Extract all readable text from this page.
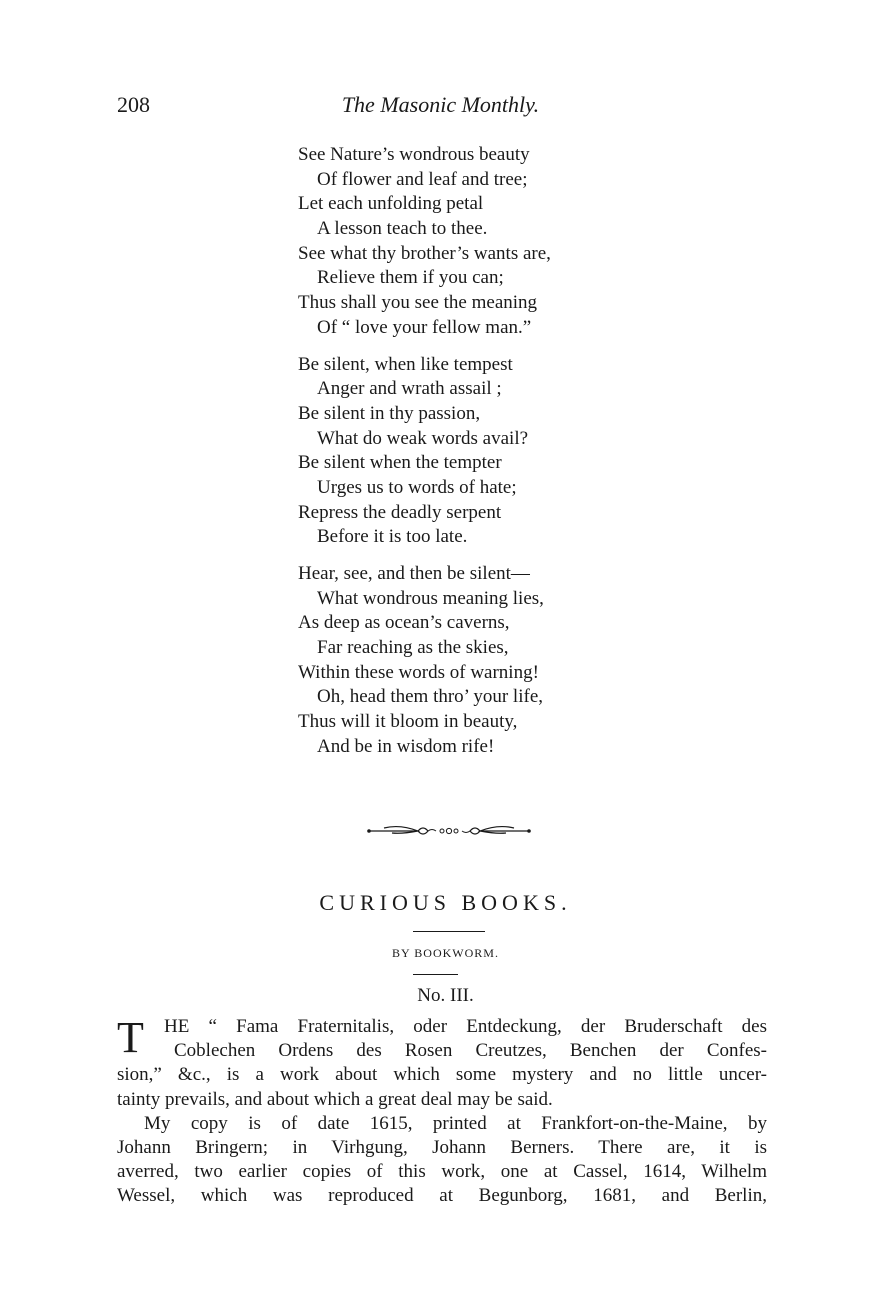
208	The Masonic Monthly.
See Nature’s wondrous beauty
Of flower and leaf and tree;
Let each unfolding petal
A lesson teach to thee.
See what thy brother’s wants are,
Relieve them if you can;
Thus shall you see the meaning
Of “ love your fellow man.”
Be silent, when like tempest
Anger and wrath assail ;
Be silent in thy passion,
What do weak words avail?
Be silent when the tempter
Urges us to words of hate;
Repress the deadly serpent
Before it is too late.
Hear, see, and then be silent—
What wondrous meaning lies,
As deep as ocean’s caverns,
Far reaching as the skies,
Within these words of warning!
Oh, head them thro’ your life,
Thus will it bloom in beauty,
And be in wisdom rife!
CURIOUS BOOKS.
BY BOOKWORM.
No. III.
T	HE “ Fama Fraternitalis, oder Entdeckung, der Bruderschaft des
Coblechen Ordens des Rosen Creutzes, Benchen der Confes-
sion,” &c., is a work about which some mystery and no little uncer-
tainty prevails, and about which a great deal may be said.
My copy is of date 1615, printed at Frankfort-on-the-Maine, by
Johann Bringern; in Virhgung, Johann Berners. There are, it is
averred, two earlier copies of this work, one at Cassel, 1614, Wilhelm
Wessel, which was reproduced at Begunborg, 1681, and Berlin,
